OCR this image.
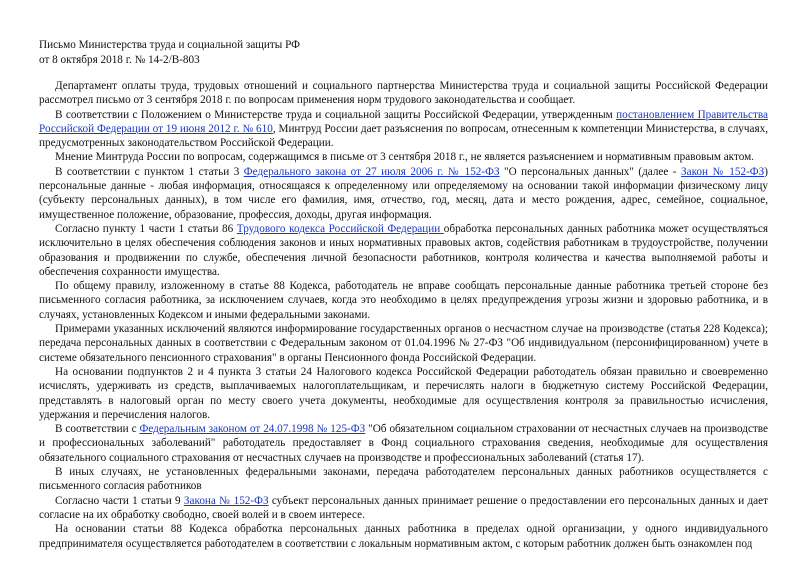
Письмо Министерства труда и социальной защиты РФ
от 8 октября 2018 г. № 14-2/В-803

Департамент оплаты труда, трудовых отношений и социального партнерства Министерства труда и социальной защиты Российской Федерации рассмотрел письмо от 3 сентября 2018 г. по вопросам применения норм трудового законодательства и сообщает.

В соответствии с Положением о Министерстве труда и социальной защиты Российской Федерации, утвержденным постановлением Правительства Российской Федерации от 19 июня 2012 г. № 610, Минтруд России дает разъяснения по вопросам, отнесенным к компетенции Министерства, в случаях, предусмотренных законодательством Российской Федерации.

Мнение Минтруда России по вопросам, содержащимся в письме от 3 сентября 2018 г., не является разъяснением и нормативным правовым актом.

В соответствии с пунктом 1 статьи 3 Федерального закона от 27 июля 2006 г. № 152-ФЗ "О персональных данных" (далее - Закон № 152-ФЗ) персональные данные - любая информация, относящаяся к определенному или определяемому на основании такой информации физическому лицу (субъекту персональных данных), в том числе его фамилия, имя, отчество, год, месяц, дата и место рождения, адрес, семейное, социальное, имущественное положение, образование, профессия, доходы, другая информация.

Согласно пункту 1 части 1 статьи 86 Трудового кодекса Российской Федерации обработка персональных данных работника может осуществляться исключительно в целях обеспечения соблюдения законов и иных нормативных правовых актов, содействия работникам в трудоустройстве, получении образования и продвижении по службе, обеспечения личной безопасности работников, контроля количества и качества выполняемой работы и обеспечения сохранности имущества.

По общему правилу, изложенному в статье 88 Кодекса, работодатель не вправе сообщать персональные данные работника третьей стороне без письменного согласия работника, за исключением случаев, когда это необходимо в целях предупреждения угрозы жизни и здоровью работника, и в случаях, установленных Кодексом и иными федеральными законами.

Примерами указанных исключений являются информирование государственных органов о несчастном случае на производстве (статья 228 Кодекса); передача персональных данных в соответствии с Федеральным законом от 01.04.1996 № 27-ФЗ "Об индивидуальном (персонифицированном) учете в системе обязательного пенсионного страхования" в органы Пенсионного фонда Российской Федерации.

На основании подпунктов 2 и 4 пункта 3 статьи 24 Налогового кодекса Российской Федерации работодатель обязан правильно и своевременно исчислять, удерживать из средств, выплачиваемых налогоплательщикам, и перечислять налоги в бюджетную систему Российской Федерации, представлять в налоговый орган по месту своего учета документы, необходимые для осуществления контроля за правильностью исчисления, удержания и перечисления налогов.

В соответствии с Федеральным законом от 24.07.1998 № 125-ФЗ "Об обязательном социальном страховании от несчастных случаев на производстве и профессиональных заболеваний" работодатель предоставляет в Фонд социального страхования сведения, необходимые для осуществления обязательного социального страхования от несчастных случаев на производстве и профессиональных заболеваний (статья 17).

В иных случаях, не установленных федеральными законами, передача работодателем персональных данных работников осуществляется с письменного согласия работников

Согласно части 1 статьи 9 Закона № 152-ФЗ субъект персональных данных принимает решение о предоставлении его персональных данных и дает согласие на их обработку свободно, своей волей и в своем интересе.

На основании статьи 88 Кодекса обработка персональных данных работника в пределах одной организации, у одного индивидуального предпринимателя осуществляется работодателем в соответствии с локальным нормативным актом, с которым работник должен быть ознакомлен под
